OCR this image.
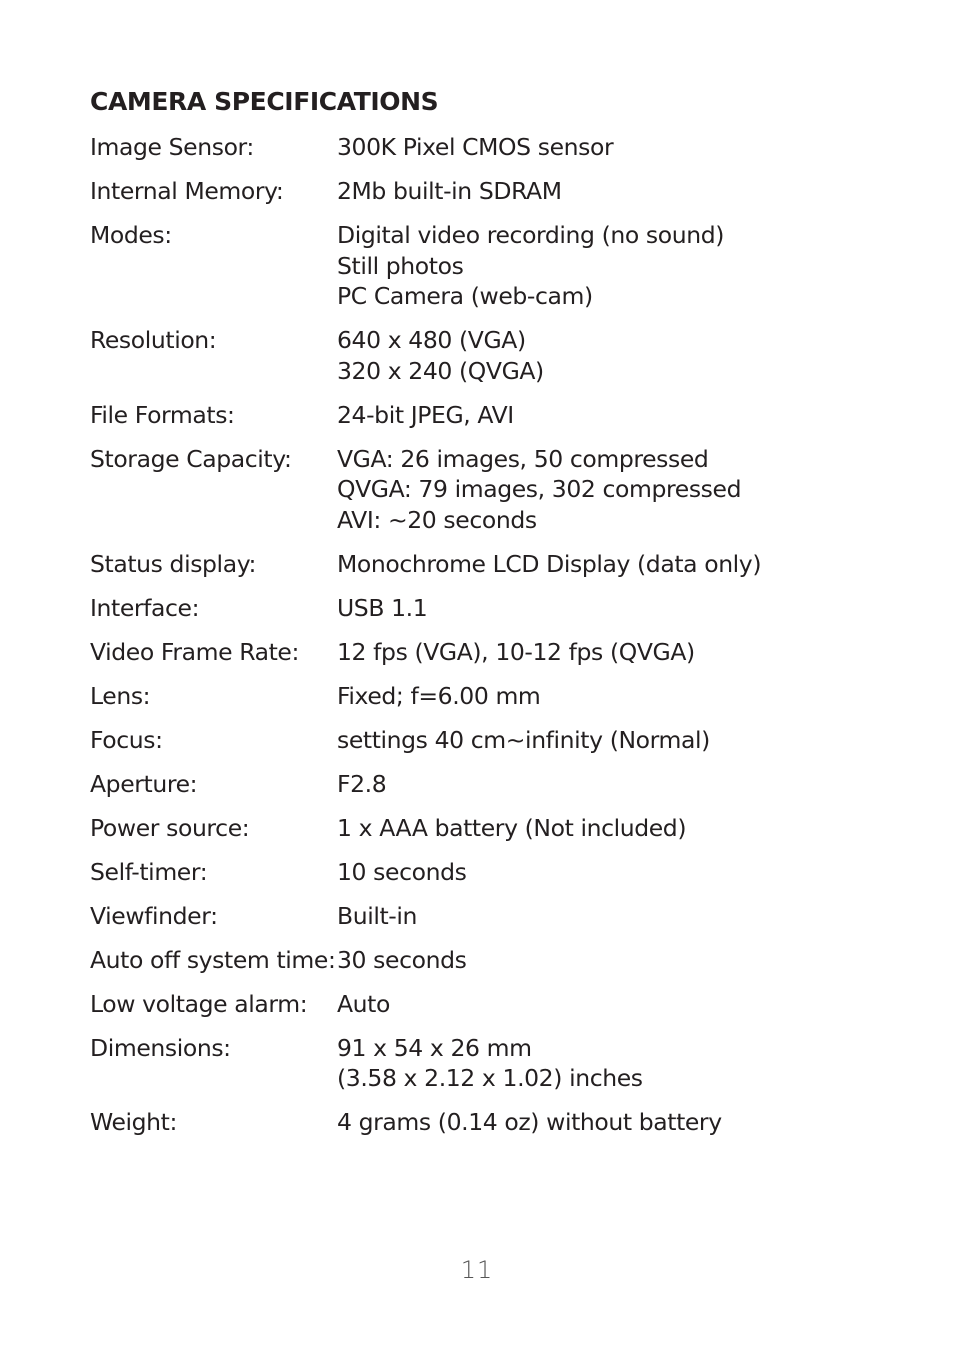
CAMERA SPECIFICATIONS
Image Sensor:	300K Pixel CMOS sensor
Internal Memory:	2Mb built-in SDRAM
Modes:	Digital video recording (no sound)
Still photos
PC Camera (web-cam)
Resolution:	640 x 480 (VGA)
320 x 240 (QVGA)
File Formats:	24-bit JPEG, AVI
Storage Capacity:	VGA: 26 images, 50 compressed
QVGA: 79 images, 302 compressed
AVI: ~20 seconds
Status display:	Monochrome LCD Display (data only)
Interface:	USB 1.1
Video Frame Rate:	12 fps (VGA), 10-12 fps (QVGA)
Lens:	Fixed; f=6.00 mm
Focus:	settings 40 cm~infinity (Normal)
Aperture:	F2.8
Power source:	1 x AAA battery (Not included)
Self-timer:	10 seconds
Viewfinder:	Built-in
Auto off system time: 30 seconds
Low voltage alarm:	Auto
Dimensions:	91 x 54 x 26 mm
(3.58 x 2.12 x 1.02) inches
Weight:	4 grams (0.14 oz) without battery
11
